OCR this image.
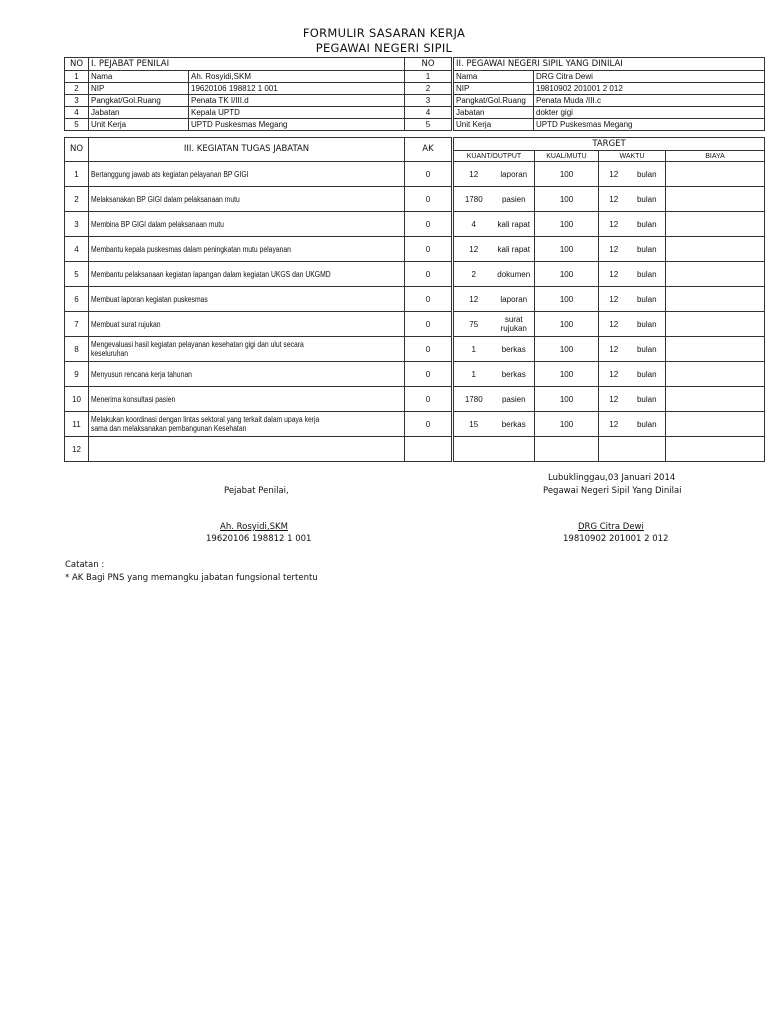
FORMULIR SASARAN KERJA
PEGAWAI NEGERI SIPIL
NO	I. PEJABAT PENILAI		NO		II. PEGAWAI NEGERI SIPIL YANG DINILAI	
1	Nama	Ah. Rosyidi,SKM	1		Nama	DRG Citra Dewi
2	NIP	19620106 198812 1 001	2		NIP	19810902 201001 2 012
3	Pangkat/Gol.Ruang	Penata TK I/III.d	3		Pangkat/Gol.Ruang	Penata Muda /III.c
4	Jabatan	Kepala UPTD	4		Jabatan	dokter gigi
5	Unit Kerja	UPTD Puskesmas Megang	5		Unit Kerja	UPTD Puskesmas Megang
NO	III. KEGIATAN TUGAS JABATAN	AK		TARGET					
				KUANT/OUTPUT		KUAL/MUTU	WAKTU		BIAYA
1	Bertanggung jawab ats kegiatan pelayanan BP GIGI	0		12	laporan	100	12	bulan	
2	Melaksanakan BP GIGI dalam pelaksanaan mutu	0		1780	pasien	100	12	bulan	
3	Membina BP GIGI dalam pelaksanaan mutu	0		4	kali rapat	100	12	bulan	
4	Membantu kepala puskesmas dalam peningkatan mutu pelayanan	0		12	kali rapat	100	12	bulan	
5	Membantu pelaksanaan kegiatan lapangan dalam kegiatan UKGS dan UKGMD	0		2	dokumen	100	12	bulan	
6	Membuat laporan kegiatan puskesmas	0		12	laporan	100	12	bulan	
7	Membuat surat rujukan	0		75	surat
rujukan	100	12	bulan	
8	Mengevaluasi hasil kegiatan pelayanan kesehatan gigi dan ulut secara
keseluruhan	0		1	berkas	100	12	bulan	
9	Menyusun rencana kerja tahunan	0		1	berkas	100	12	bulan	
10	Menerima konsultasi pasien	0		1780	pasien	100	12	bulan	
11	Melakukan koordinasi dengan lintas sektoral yang terkait dalam upaya kerja
sama dan melaksanakan pembangunan Kesehatan	0		15	berkas	100	12	bulan	
12									
Lubuklinggau,03 Januari 2014
Pejabat Penilai,	Pegawai Negeri Sipil Yang Dinilai
Ah. Rosyidi,SKM
19620106 198812 1 001
DRG Citra Dewi
19810902 201001 2 012
Catatan :
* AK Bagi PNS yang memangku jabatan fungsional tertentu
